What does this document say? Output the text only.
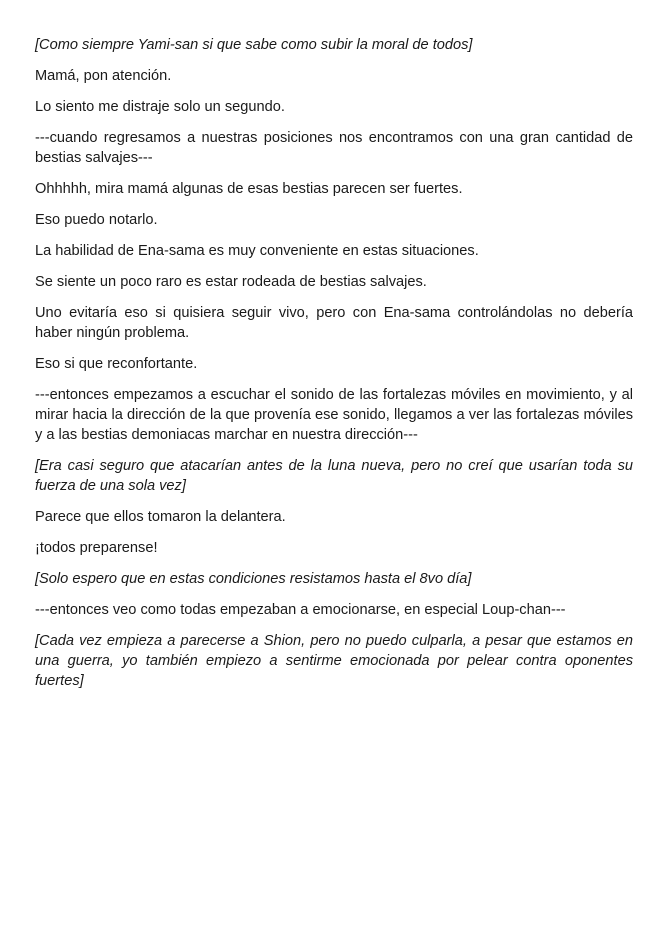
[Como siempre Yami-san si que sabe como subir la moral de todos]

Mamá, pon atención.

Lo siento me distraje solo un segundo.

---cuando regresamos a nuestras posiciones nos encontramos con una gran cantidad de bestias salvajes---

Ohhhhh, mira mamá algunas de esas bestias parecen ser fuertes.

Eso puedo notarlo.

La habilidad de Ena-sama es muy conveniente en estas situaciones.

Se siente un poco raro es estar rodeada de bestias salvajes.

Uno evitaría eso si quisiera seguir vivo, pero con Ena-sama controlándolas no debería haber ningún problema.

Eso si que reconfortante.

---entonces empezamos a escuchar el sonido de las fortalezas móviles en movimiento, y al mirar hacia la dirección de la que provenía ese sonido, llegamos a ver las fortalezas móviles y a las bestias demoniacas marchar en nuestra dirección---

[Era casi seguro que atacarían antes de la luna nueva, pero no creí que usarían toda su fuerza de una sola vez]

Parece que ellos tomaron la delantera.

¡todos preparense!

[Solo espero que en estas condiciones resistamos hasta el 8vo día]

---entonces veo como todas empezaban a emocionarse, en especial Loup-chan---

[Cada vez empieza a parecerse a Shion, pero no puedo culparla, a pesar que estamos en una guerra, yo también empiezo a sentirme emocionada por pelear contra oponentes fuertes]
